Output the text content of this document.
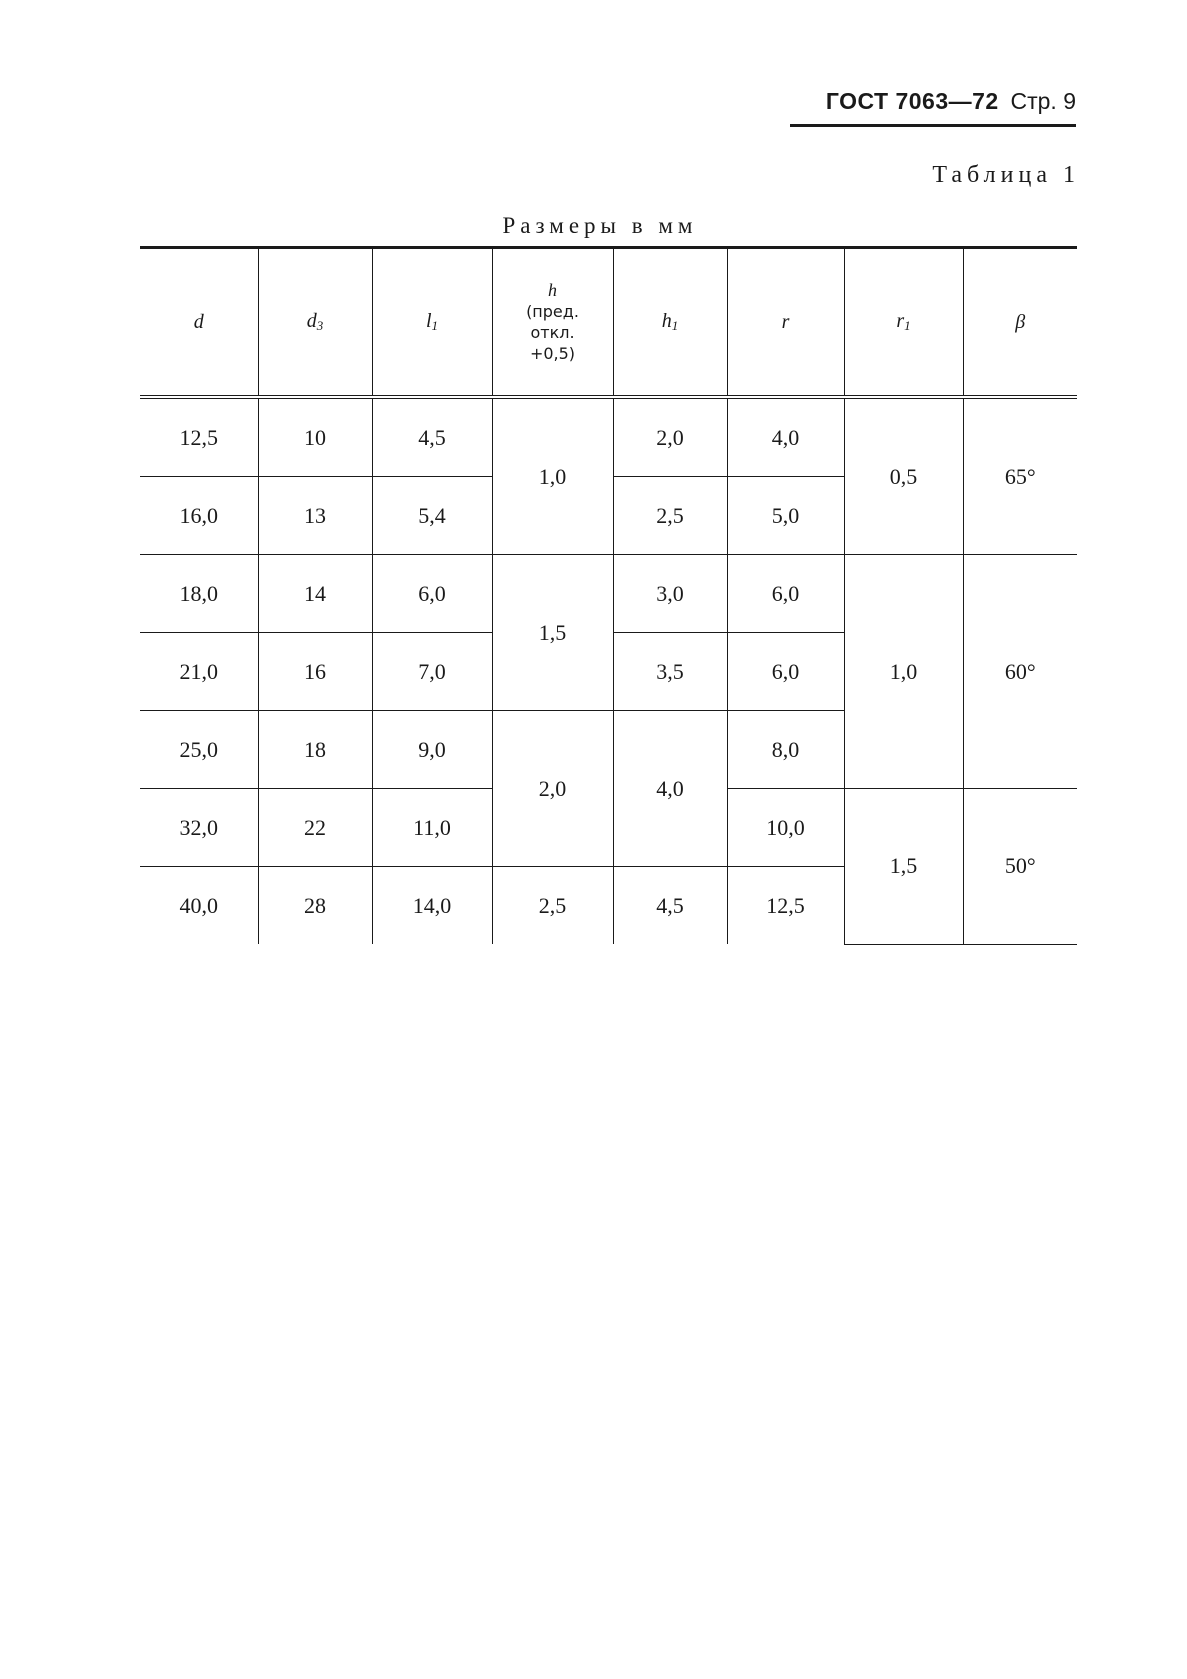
ГОСТ 7063—72 Стр. 9
Таблица 1
Размеры в мм
d	$d_3$	$l_1$	h
(пред.
откл.
+0,5)	$h_1$	r	$r_1$	β
12,5	10	4,5	1,0	2,0	4,0	0,5	65°
16,0	13	5,4		2,5	5,0		
18,0	14	6,0	1,5	3,0	6,0	1,0	60°
21,0	16	7,0		3,5	6,0		
25,0	18	9,0	2,0	4,0	8,0		
32,0	22	11,0			10,0	1,5	50°
40,0	28	14,0	2,5	4,5	12,5		
